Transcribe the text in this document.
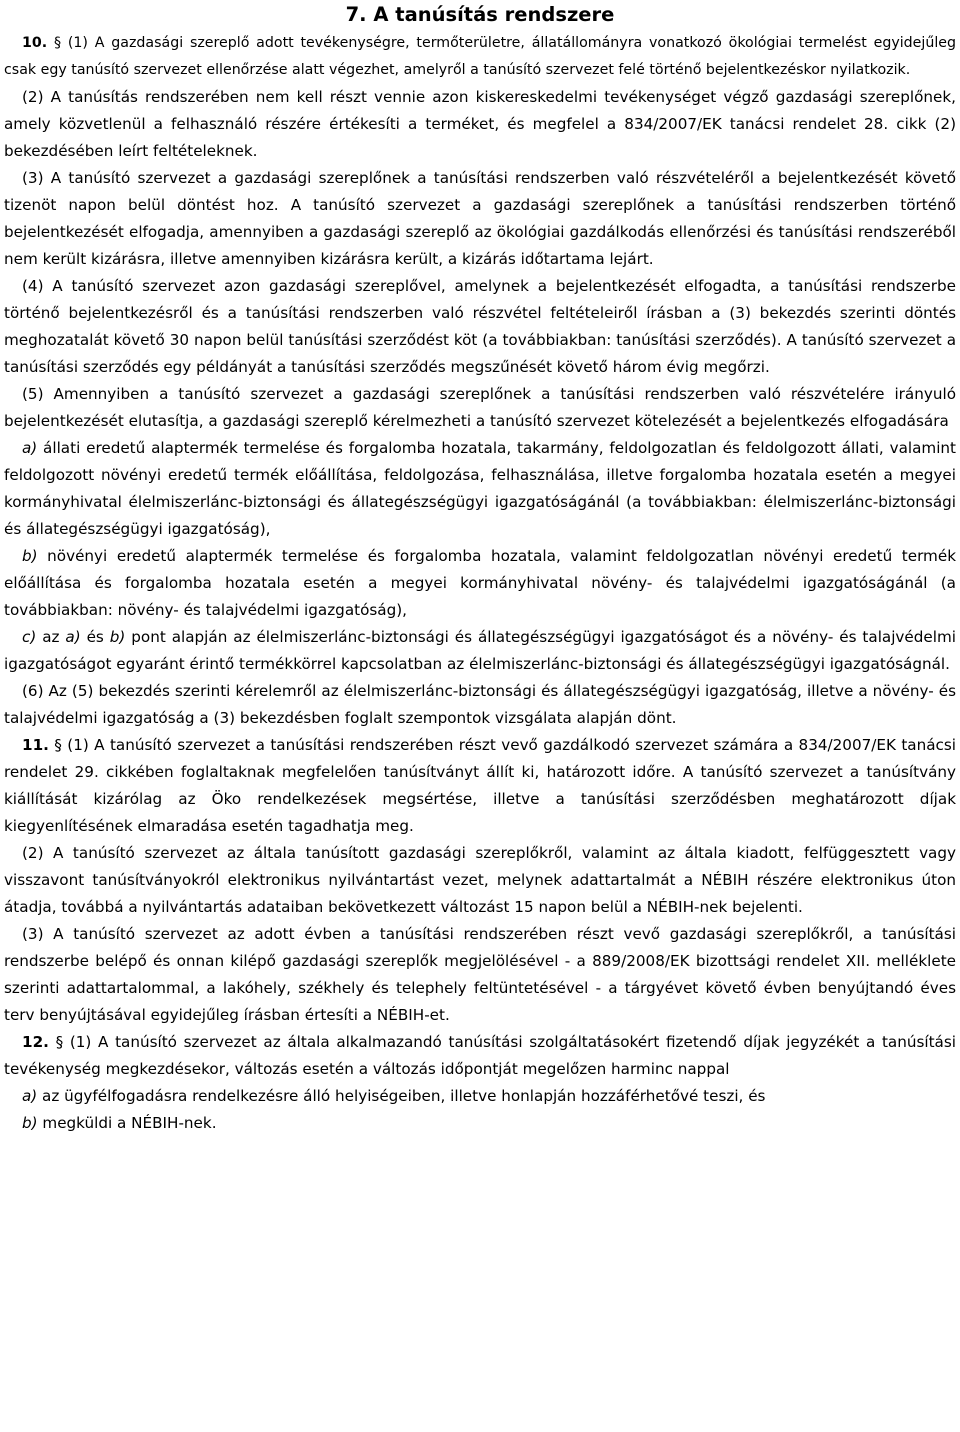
7. A tanúsítás rendszere

10. § (1) A gazdasági szereplő adott tevékenységre, termőterületre, állatállományra vonatkozó ökológiai termelést egyidejűleg csak egy tanúsító szervezet ellenőrzése alatt végezhet, amelyről a tanúsító szervezet felé történő bejelentkezéskor nyilatkozik.

(2) A tanúsítás rendszerében nem kell részt vennie azon kiskereskedelmi tevékenységet végző gazdasági szereplőnek, amely közvetlenül a felhasználó részére értékesíti a terméket, és megfelel a 834/2007/EK tanácsi rendelet 28. cikk (2) bekezdésében leírt feltételeknek.

(3) A tanúsító szervezet a gazdasági szereplőnek a tanúsítási rendszerben való részvételéről a bejelentkezését követő tizenöt napon belül döntést hoz. A tanúsító szervezet a gazdasági szereplőnek a tanúsítási rendszerben történő bejelentkezését elfogadja, amennyiben a gazdasági szereplő az ökológiai gazdálkodás ellenőrzési és tanúsítási rendszeréből nem került kizárásra, illetve amennyiben kizárásra került, a kizárás időtartama lejárt.

(4) A tanúsító szervezet azon gazdasági szereplővel, amelynek a bejelentkezését elfogadta, a tanúsítási rendszerbe történő bejelentkezésről és a tanúsítási rendszerben való részvétel feltételeiről írásban a (3) bekezdés szerinti döntés meghozatalát követő 30 napon belül tanúsítási szerződést köt (a továbbiakban: tanúsítási szerződés). A tanúsító szervezet a tanúsítási szerződés egy példányát a tanúsítási szerződés megszűnését követő három évig megőrzi.

(5) Amennyiben a tanúsító szervezet a gazdasági szereplőnek a tanúsítási rendszerben való részvételére irányuló bejelentkezését elutasítja, a gazdasági szereplő kérelmezheti a tanúsító szervezet kötelezését a bejelentkezés elfogadására

a) állati eredetű alaptermék termelése és forgalomba hozatala, takarmány, feldolgozatlan és feldolgozott állati, valamint feldolgozott növényi eredetű termék előállítása, feldolgozása, felhasználása, illetve forgalomba hozatala esetén a megyei kormányhivatal élelmiszerlánc-biztonsági és állategészségügyi igazgatóságánál (a továbbiakban: élelmiszerlánc-biztonsági és állategészségügyi igazgatóság),

b) növényi eredetű alaptermék termelése és forgalomba hozatala, valamint feldolgozatlan növényi eredetű termék előállítása és forgalomba hozatala esetén a megyei kormányhivatal növény- és talajvédelmi igazgatóságánál (a továbbiakban: növény- és talajvédelmi igazgatóság),

c) az a) és b) pont alapján az élelmiszerlánc-biztonsági és állategészségügyi igazgatóságot és a növény- és talajvédelmi igazgatóságot egyaránt érintő termékkörrel kapcsolatban az élelmiszerlánc-biztonsági és állategészségügyi igazgatóságnál.

(6) Az (5) bekezdés szerinti kérelemről az élelmiszerlánc-biztonsági és állategészségügyi igazgatóság, illetve a növény- és talajvédelmi igazgatóság a (3) bekezdésben foglalt szempontok vizsgálata alapján dönt.

11. § (1) A tanúsító szervezet a tanúsítási rendszerében részt vevő gazdálkodó szervezet számára a 834/2007/EK tanácsi rendelet 29. cikkében foglaltaknak megfelelően tanúsítványt állít ki, határozott időre. A tanúsító szervezet a tanúsítvány kiállítását kizárólag az Öko rendelkezések megsértése, illetve a tanúsítási szerződésben meghatározott díjak kiegyenlítésének elmaradása esetén tagadhatja meg.

(2) A tanúsító szervezet az általa tanúsított gazdasági szereplőkről, valamint az általa kiadott, felfüggesztett vagy visszavont tanúsítványokról elektronikus nyilvántartást vezet, melynek adattartalmát a NÉBIH részére elektronikus úton átadja, továbbá a nyilvántartás adataiban bekövetkezett változást 15 napon belül a NÉBIH-nek bejelenti.

(3) A tanúsító szervezet az adott évben a tanúsítási rendszerében részt vevő gazdasági szereplőkről, a tanúsítási rendszerbe belépő és onnan kilépő gazdasági szereplők megjelölésével - a 889/2008/EK bizottsági rendelet XII. melléklete szerinti adattartalommal, a lakóhely, székhely és telephely feltüntetésével - a tárgyévet követő évben benyújtandó éves terv benyújtásával egyidejűleg írásban értesíti a NÉBIH-et.

12. § (1) A tanúsító szervezet az általa alkalmazandó tanúsítási szolgáltatásokért fizetendő díjak jegyzékét a tanúsítási tevékenység megkezdésekor, változás esetén a változás időpontját megelőzen harminc nappal

a) az ügyfélfogadásra rendelkezésre álló helyiségeiben, illetve honlapján hozzáférhetővé teszi, és

b) megküldi a NÉBIH-nek.
